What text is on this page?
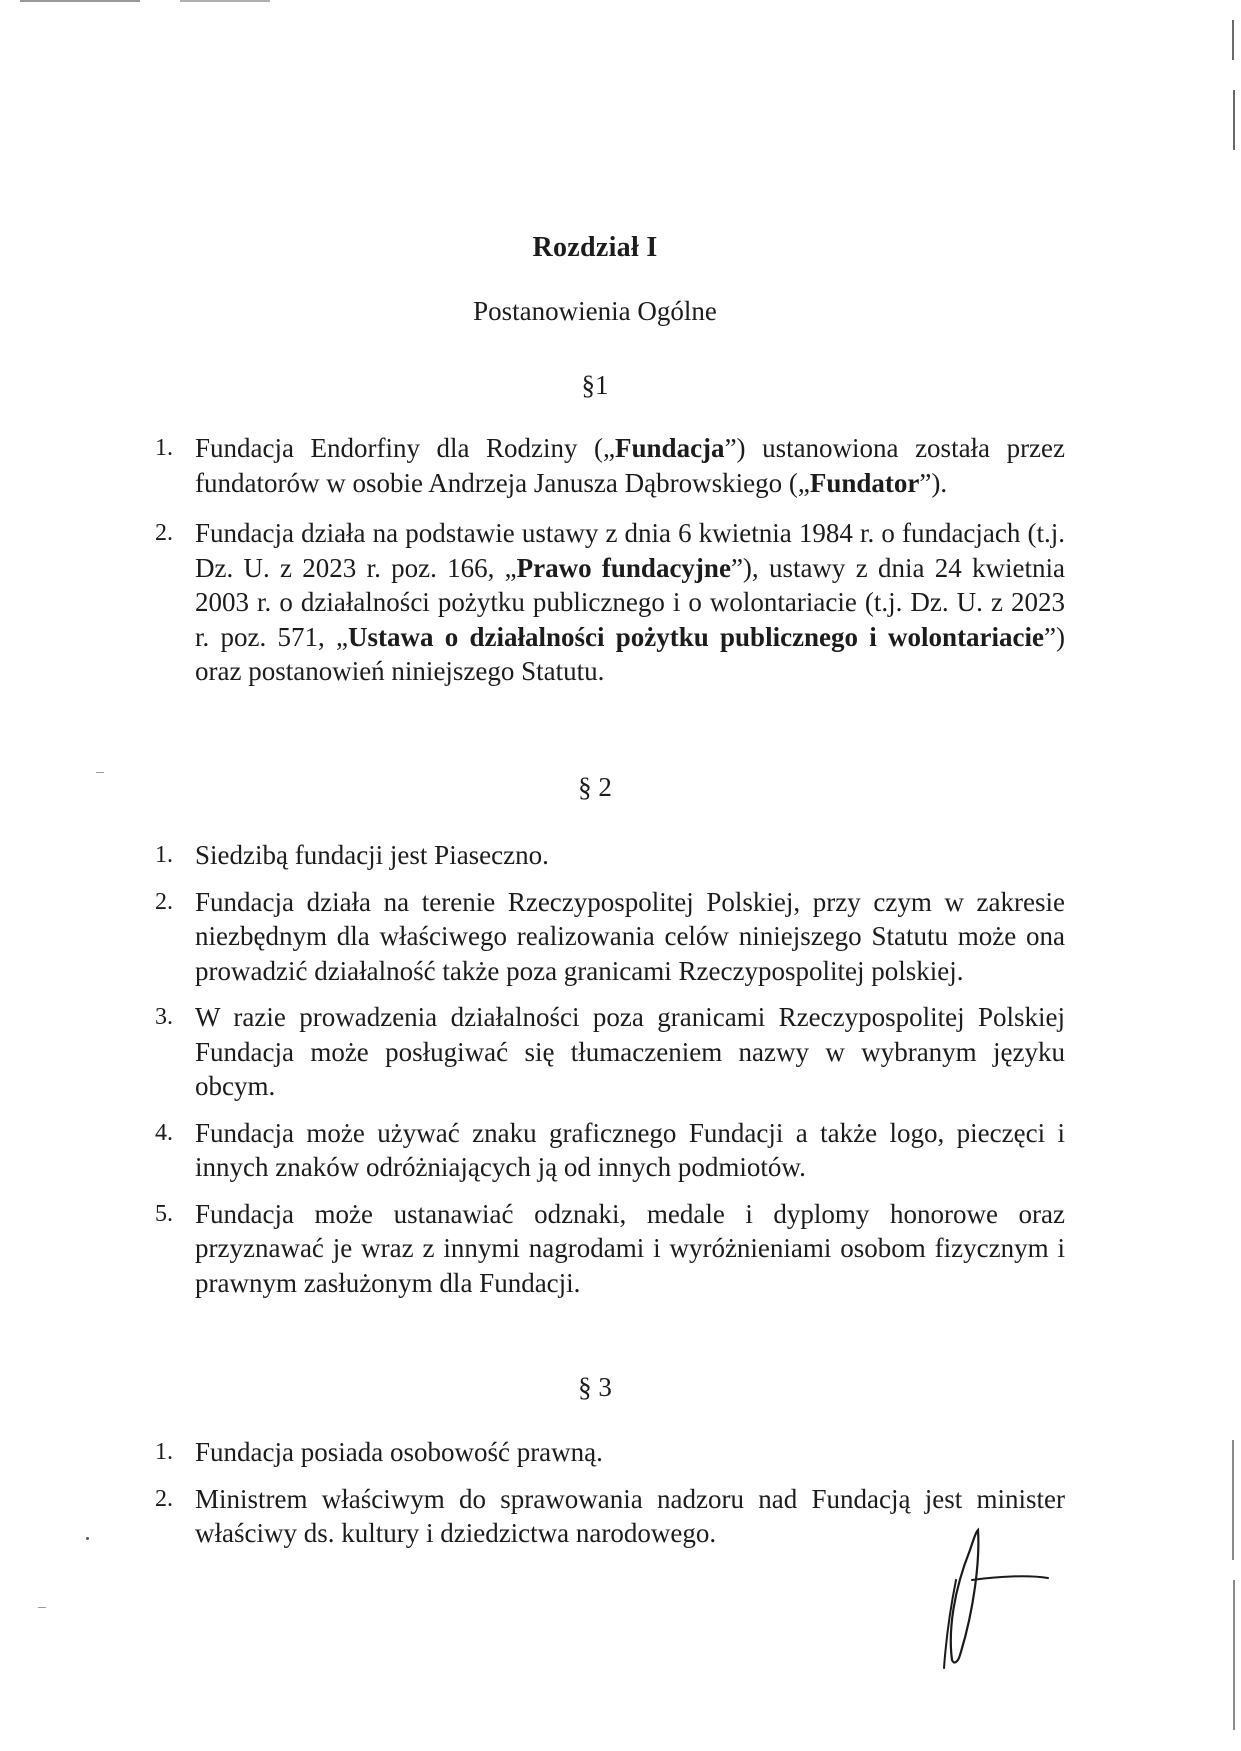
Rozdział I
Postanowienia Ogólne
§1
1. Fundacja Endorfiny dla Rodziny („Fundacja”) ustanowiona została przez fundatorów w osobie Andrzeja Janusza Dąbrowskiego („Fundator”).
2. Fundacja działa na podstawie ustawy z dnia 6 kwietnia 1984 r. o fundacjach (t.j. Dz. U. z 2023 r. poz. 166, „Prawo fundacyjne”), ustawy z dnia 24 kwietnia 2003 r. o działalności pożytku publicznego i o wolontariacie (t.j. Dz. U. z 2023 r. poz. 571, „Ustawa o działalności pożytku publicznego i wolontariacie”) oraz postanowień niniejszego Statutu.
§ 2
1. Siedzibą fundacji jest Piaseczno.
2. Fundacja działa na terenie Rzeczypospolitej Polskiej, przy czym w zakresie niezbędnym dla właściwego realizowania celów niniejszego Statutu może ona prowadzić działalność także poza granicami Rzeczypospolitej polskiej.
3. W razie prowadzenia działalności poza granicami Rzeczypospolitej Polskiej Fundacja może posługiwać się tłumaczeniem nazwy w wybranym języku obcym.
4. Fundacja może używać znaku graficznego Fundacji a także logo, pieczęci i innych znaków odróżniających ją od innych podmiotów.
5. Fundacja może ustanawiać odznaki, medale i dyplomy honorowe oraz przyznawać je wraz z innymi nagrodami i wyróżnieniami osobom fizycznym i prawnym zasłużonym dla Fundacji.
§ 3
1. Fundacja posiada osobowość prawną.
2. Ministrem właściwym do sprawowania nadzoru nad Fundacją jest minister właściwy ds. kultury i dziedzictwa narodowego.
